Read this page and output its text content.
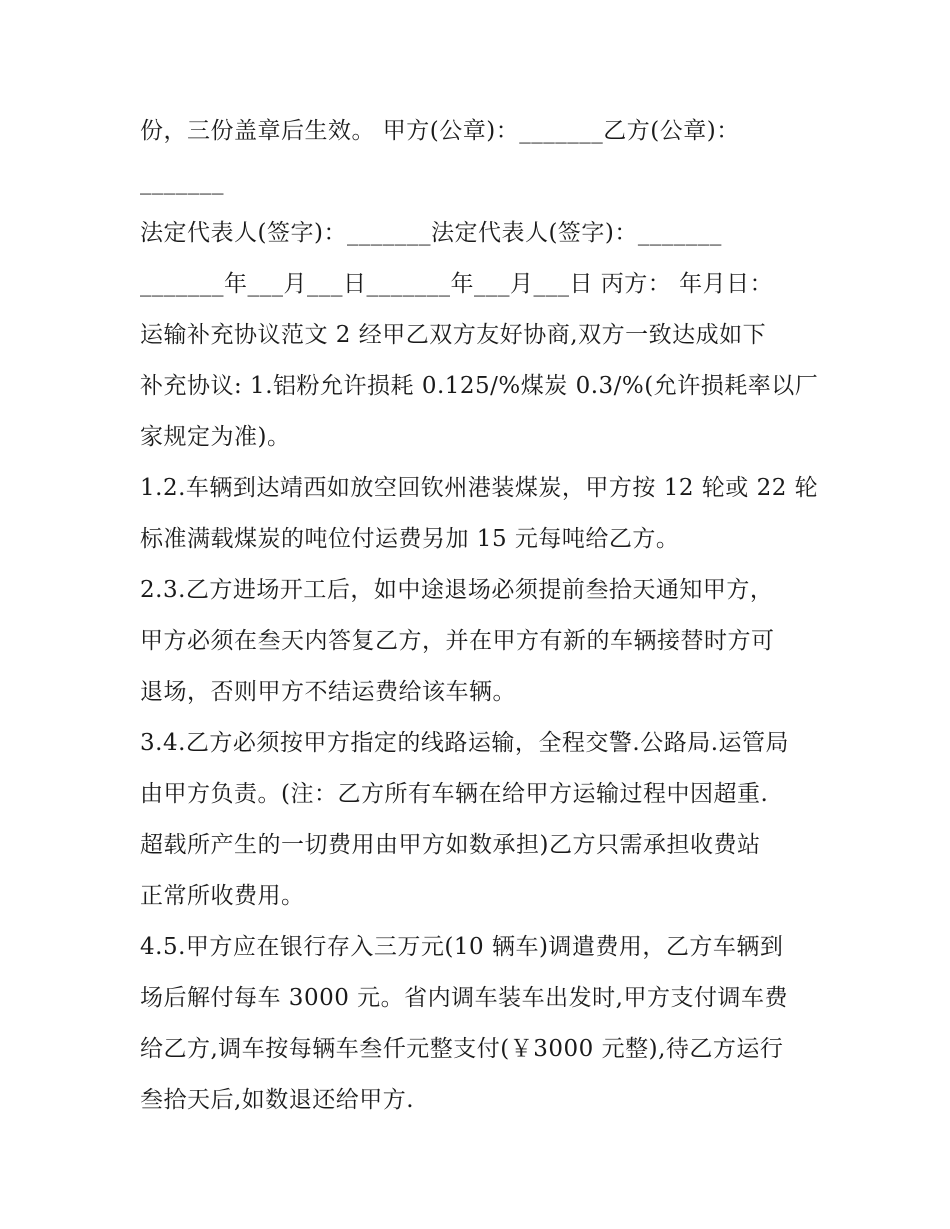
份，三份盖章后生效。 甲方(公章)：_______乙方(公章)：
_______
法定代表人(签字)：_______法定代表人(签字)：_______
_______年___月___日_______年___月___日 丙方： 年月日：
运输补充协议范文 2 经甲乙双方友好协商,双方一致达成如下
补充协议: 1.铝粉允许损耗 0.125/%煤炭 0.3/%(允许损耗率以厂
家规定为准)。
1.2.车辆到达靖西如放空回钦州港装煤炭，甲方按 12 轮或 22 轮
标准满载煤炭的吨位付运费另加 15 元每吨给乙方。
2.3.乙方进场开工后，如中途退场必须提前叁拾天通知甲方，
甲方必须在叁天内答复乙方，并在甲方有新的车辆接替时方可
退场，否则甲方不结运费给该车辆。
3.4.乙方必须按甲方指定的线路运输，全程交警.公路局.运管局
由甲方负责。(注：乙方所有车辆在给甲方运输过程中因超重.
超载所产生的一切费用由甲方如数承担)乙方只需承担收费站
正常所收费用。
4.5.甲方应在银行存入三万元(10 辆车)调遣费用，乙方车辆到
场后解付每车 3000 元。省内调车装车出发时,甲方支付调车费
给乙方,调车按每辆车叁仟元整支付(￥3000 元整),待乙方运行
叁拾天后,如数退还给甲方.
